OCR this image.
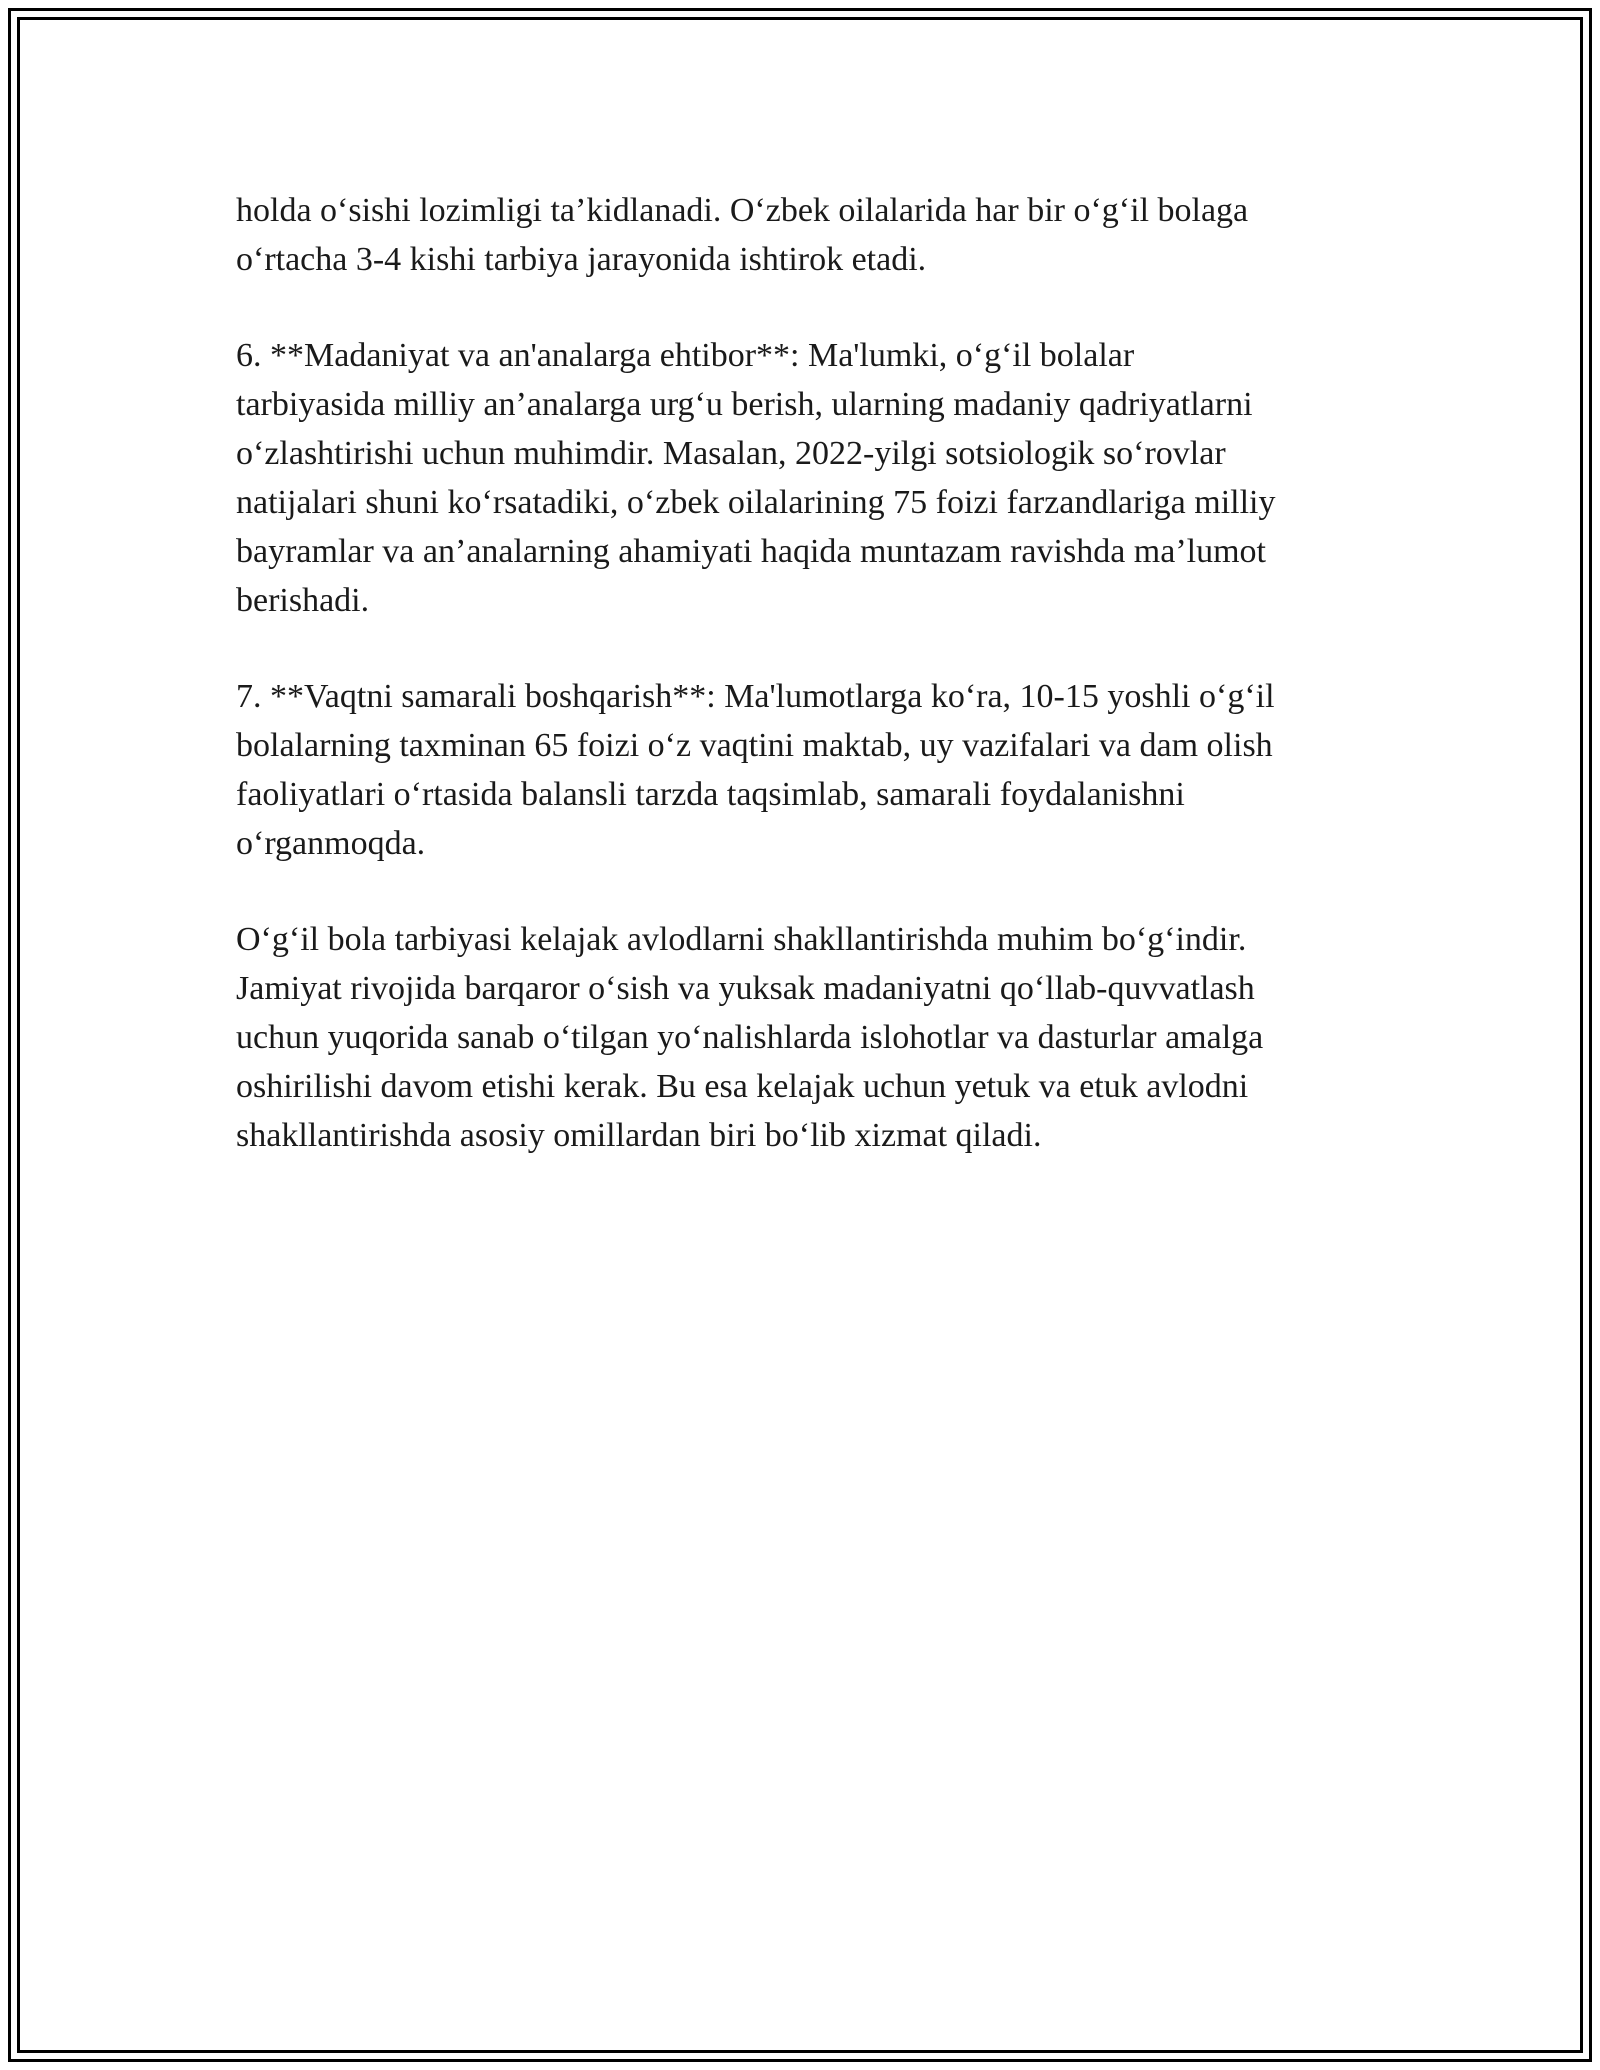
holda o‘sishi lozimligi ta’kidlanadi. O‘zbek oilalarida har bir o‘g‘il bolaga
o‘rtacha 3-4 kishi tarbiya jarayonida ishtirok etadi.

6. **Madaniyat va an'analarga ehtibor**: Ma'lumki, o‘g‘il bolalar
tarbiyasida milliy an’analarga urg‘u berish, ularning madaniy qadriyatlarni
o‘zlashtirishi uchun muhimdir. Masalan, 2022-yilgi sotsiologik so‘rovlar
natijalari shuni ko‘rsatadiki, o‘zbek oilalarining 75 foizi farzandlariga milliy
bayramlar va an’analarning ahamiyati haqida muntazam ravishda ma’lumot
berishadi.

7. **Vaqtni samarali boshqarish**: Ma'lumotlarga ko‘ra, 10-15 yoshli o‘g‘il
bolalarning taxminan 65 foizi o‘z vaqtini maktab, uy vazifalari va dam olish
faoliyatlari o‘rtasida balansli tarzda taqsimlab, samarali foydalanishni
o‘rganmoqda.

O‘g‘il bola tarbiyasi kelajak avlodlarni shakllantirishda muhim bo‘g‘indir.
Jamiyat rivojida barqaror o‘sish va yuksak madaniyatni qo‘llab-quvvatlash
uchun yuqorida sanab o‘tilgan yo‘nalishlarda islohotlar va dasturlar amalga
oshirilishi davom etishi kerak. Bu esa kelajak uchun yetuk va etuk avlodni
shakllantirishda asosiy omillardan biri bo‘lib xizmat qiladi.
